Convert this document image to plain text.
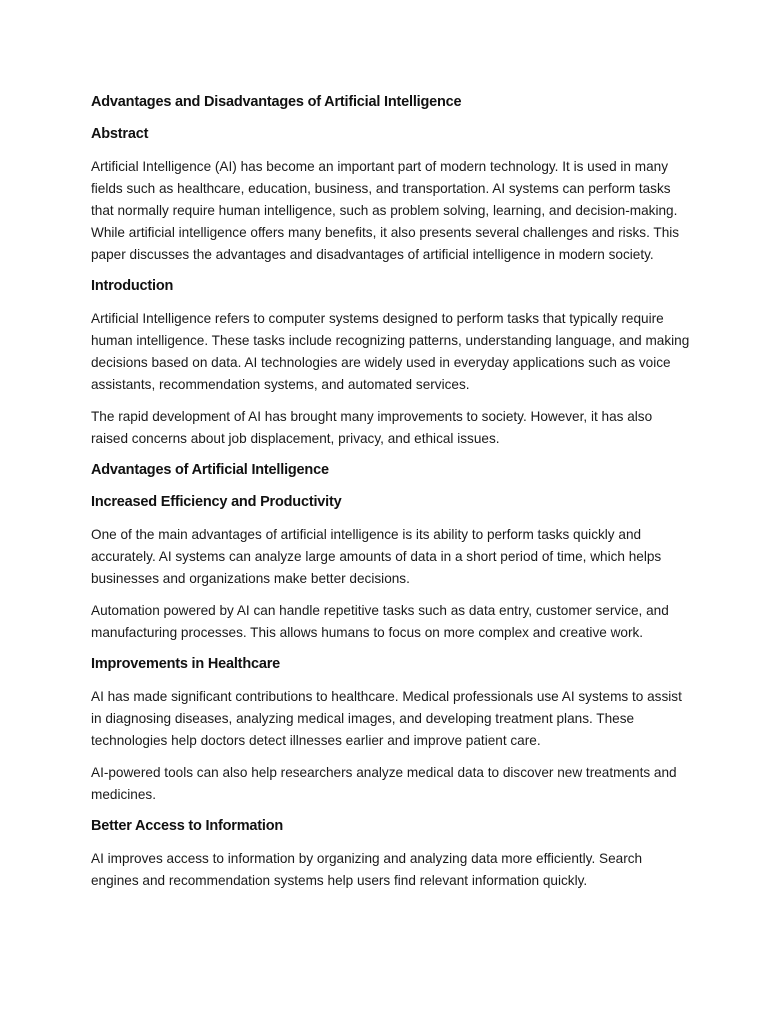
Advantages and Disadvantages of Artificial Intelligence
Abstract

Artificial Intelligence (AI) has become an important part of modern technology. It is used in many fields such as healthcare, education, business, and transportation. AI systems can perform tasks that normally require human intelligence, such as problem solving, learning, and decision-making. While artificial intelligence offers many benefits, it also presents several challenges and risks. This paper discusses the advantages and disadvantages of artificial intelligence in modern society.

Introduction

Artificial Intelligence refers to computer systems designed to perform tasks that typically require human intelligence. These tasks include recognizing patterns, understanding language, and making decisions based on data. AI technologies are widely used in everyday applications such as voice assistants, recommendation systems, and automated services.

The rapid development of AI has brought many improvements to society. However, it has also raised concerns about job displacement, privacy, and ethical issues.

Advantages of Artificial Intelligence
Increased Efficiency and Productivity

One of the main advantages of artificial intelligence is its ability to perform tasks quickly and accurately. AI systems can analyze large amounts of data in a short period of time, which helps businesses and organizations make better decisions.

Automation powered by AI can handle repetitive tasks such as data entry, customer service, and manufacturing processes. This allows humans to focus on more complex and creative work.

Improvements in Healthcare

AI has made significant contributions to healthcare. Medical professionals use AI systems to assist in diagnosing diseases, analyzing medical images, and developing treatment plans. These technologies help doctors detect illnesses earlier and improve patient care.

AI-powered tools can also help researchers analyze medical data to discover new treatments and medicines.

Better Access to Information

AI improves access to information by organizing and analyzing data more efficiently. Search engines and recommendation systems help users find relevant information quickly.
